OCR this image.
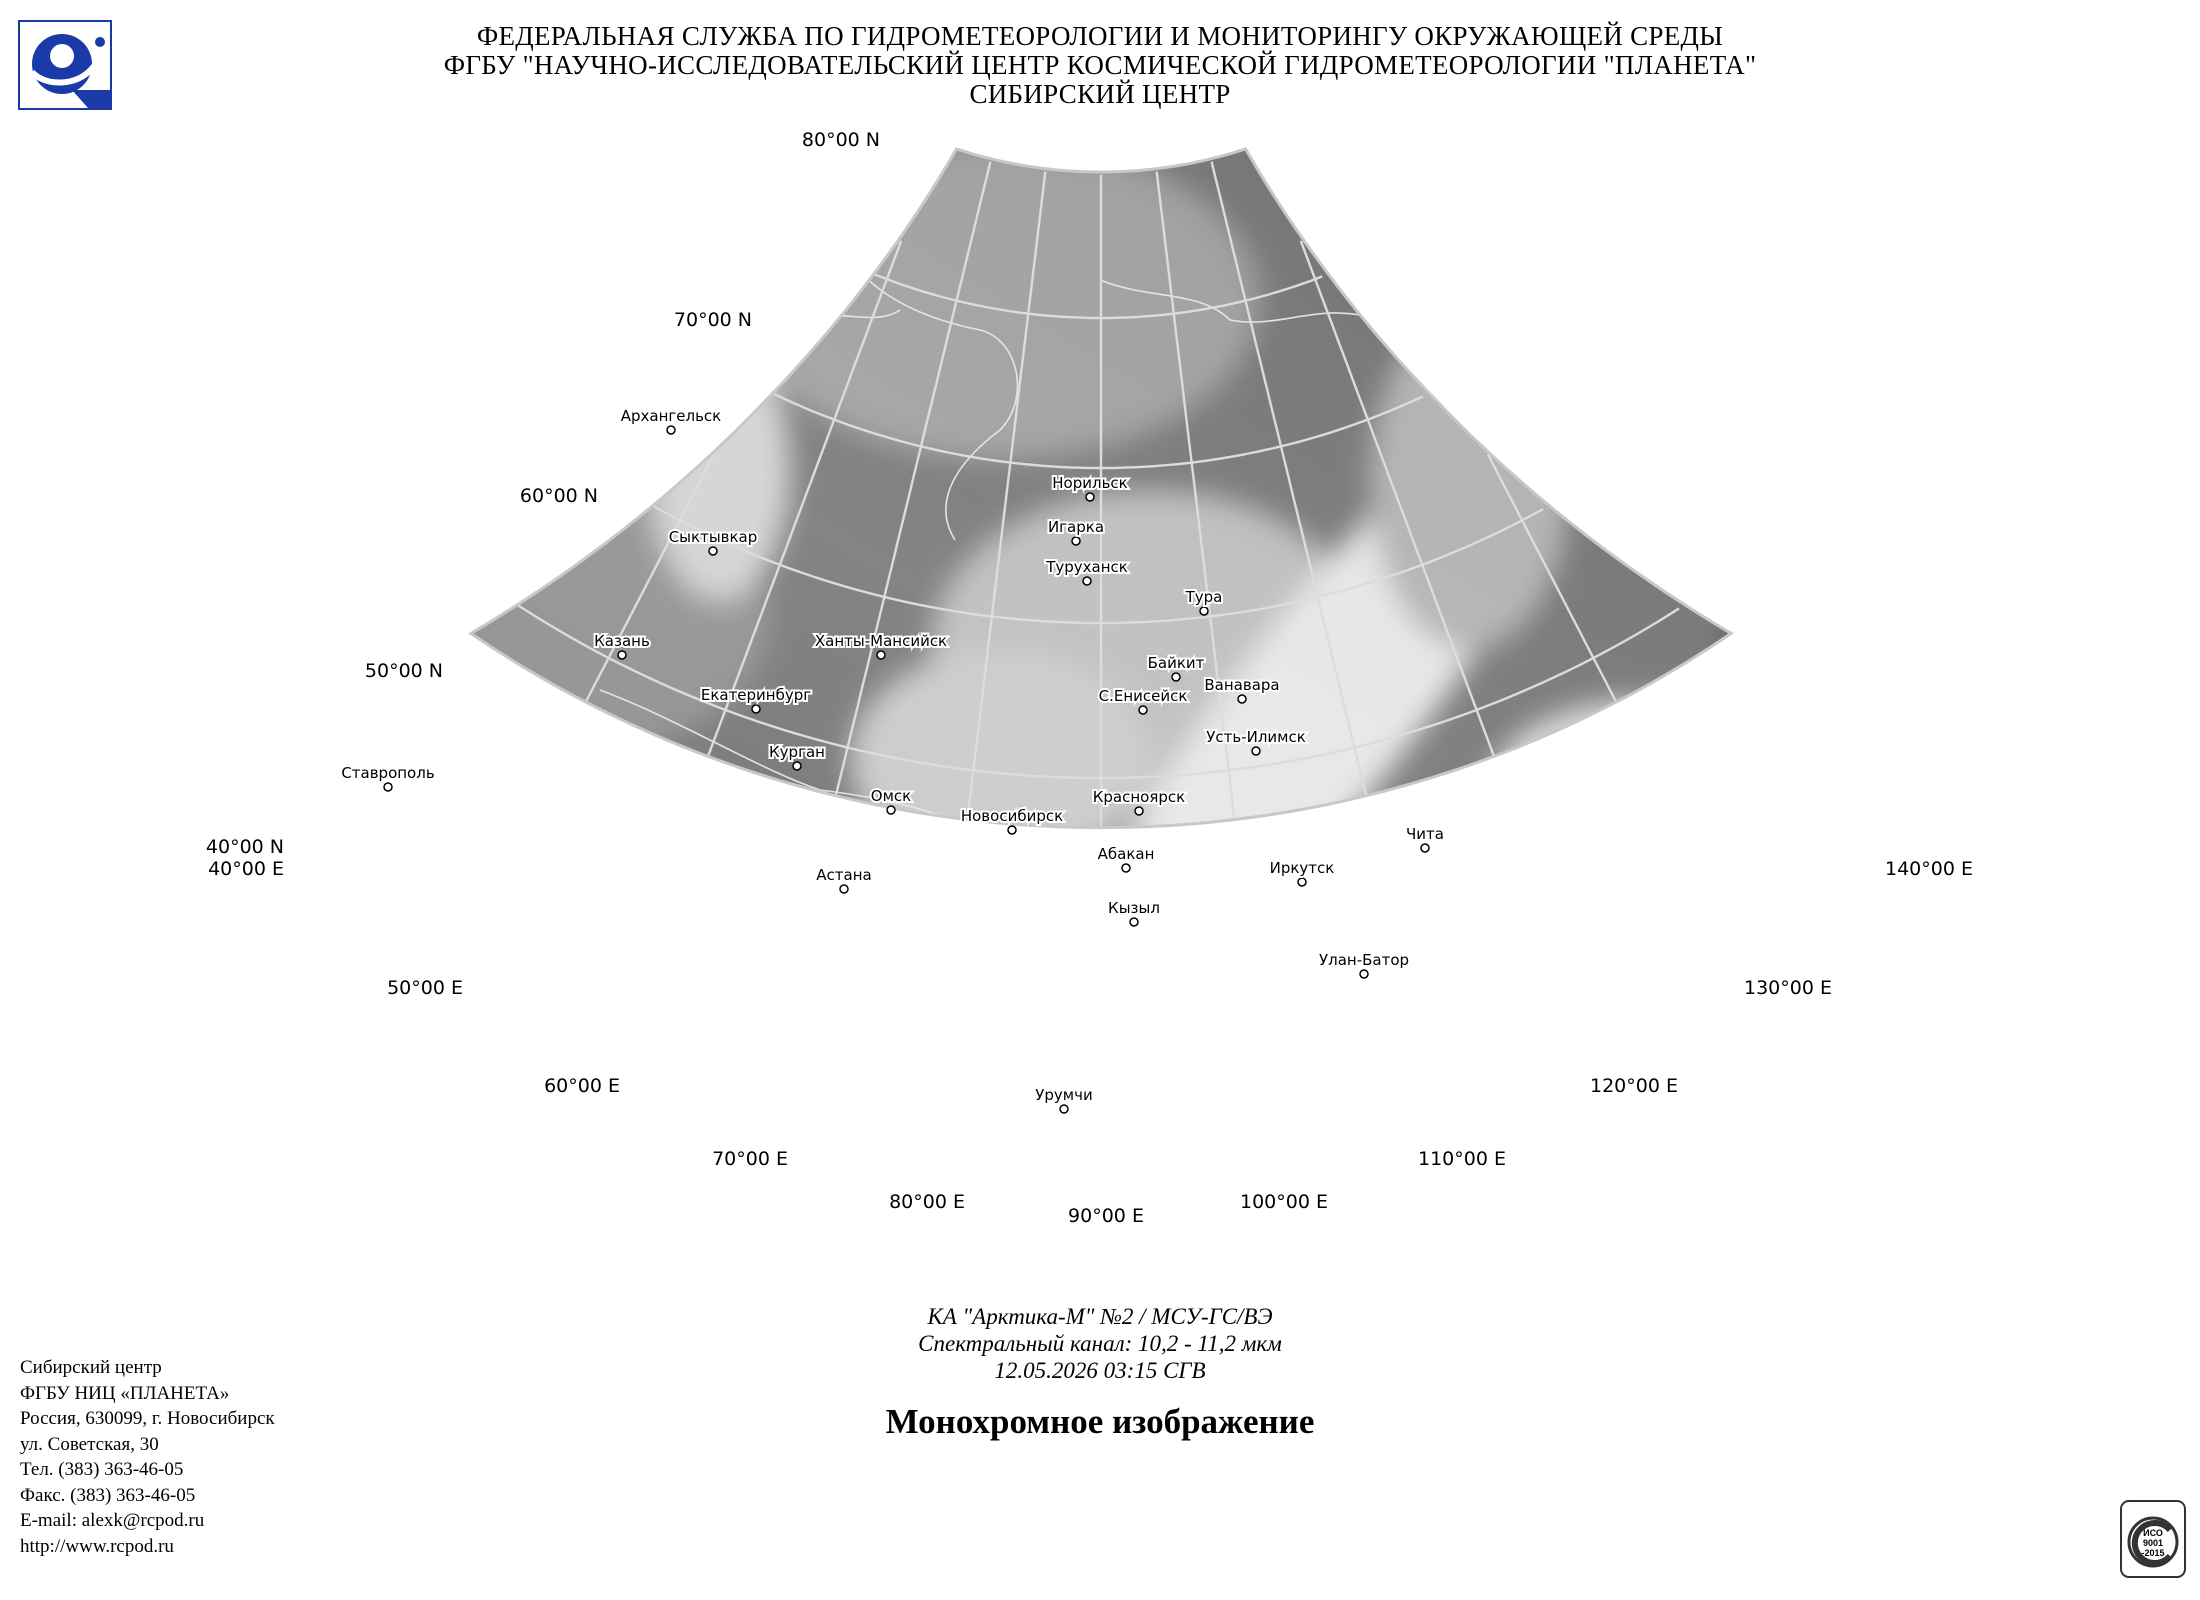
ФЕДЕРАЛЬНАЯ СЛУЖБА ПО ГИДРОМЕТЕОРОЛОГИИ И МОНИТОРИНГУ ОКРУЖАЮЩЕЙ СРЕДЫ
ФГБУ "НАУЧНО-ИССЛЕДОВАТЕЛЬСКИЙ ЦЕНТР КОСМИЧЕСКОЙ ГИДРОМЕТЕОРОЛОГИИ "ПЛАНЕТА"
СИБИРСКИЙ ЦЕНТР
Архангельск
Сыктывкар
Казань
Ставрополь
Екатеринбург
Курган
Ханты-Мансийск
Омск
Астана
Новосибирск
Норильск
Игарка
Туруханск
Тура
Байкит
Ванавара
С.Енисейск
Усть-Илимск
Красноярск
Абакан
Кызыл
Иркутск
Чита
Улан-Батор
Урумчи
80°00 N
70°00 N
60°00 N
50°00 N
40°00 N
40°00 E
50°00 E
60°00 E
70°00 E
80°00 E
90°00 E
100°00 E
110°00 E
120°00 E
130°00 E
140°00 E
КА "Арктика-М" №2 / МСУ-ГС/ВЭ
Спектральный канал: 10,2 - 11,2 мкм
12.05.2026 03:15 СГВ
Монохромное изображение
Сибирский центр
ФГБУ НИЦ «ПЛАНЕТА»
Россия, 630099, г. Новосибирск
ул. Советская, 30
Тел. (383) 363-46-05
Факс. (383) 363-46-05
E-mail: alexk@rcpod.ru
http://www.rcpod.ru
ИСО
9001
-2015
